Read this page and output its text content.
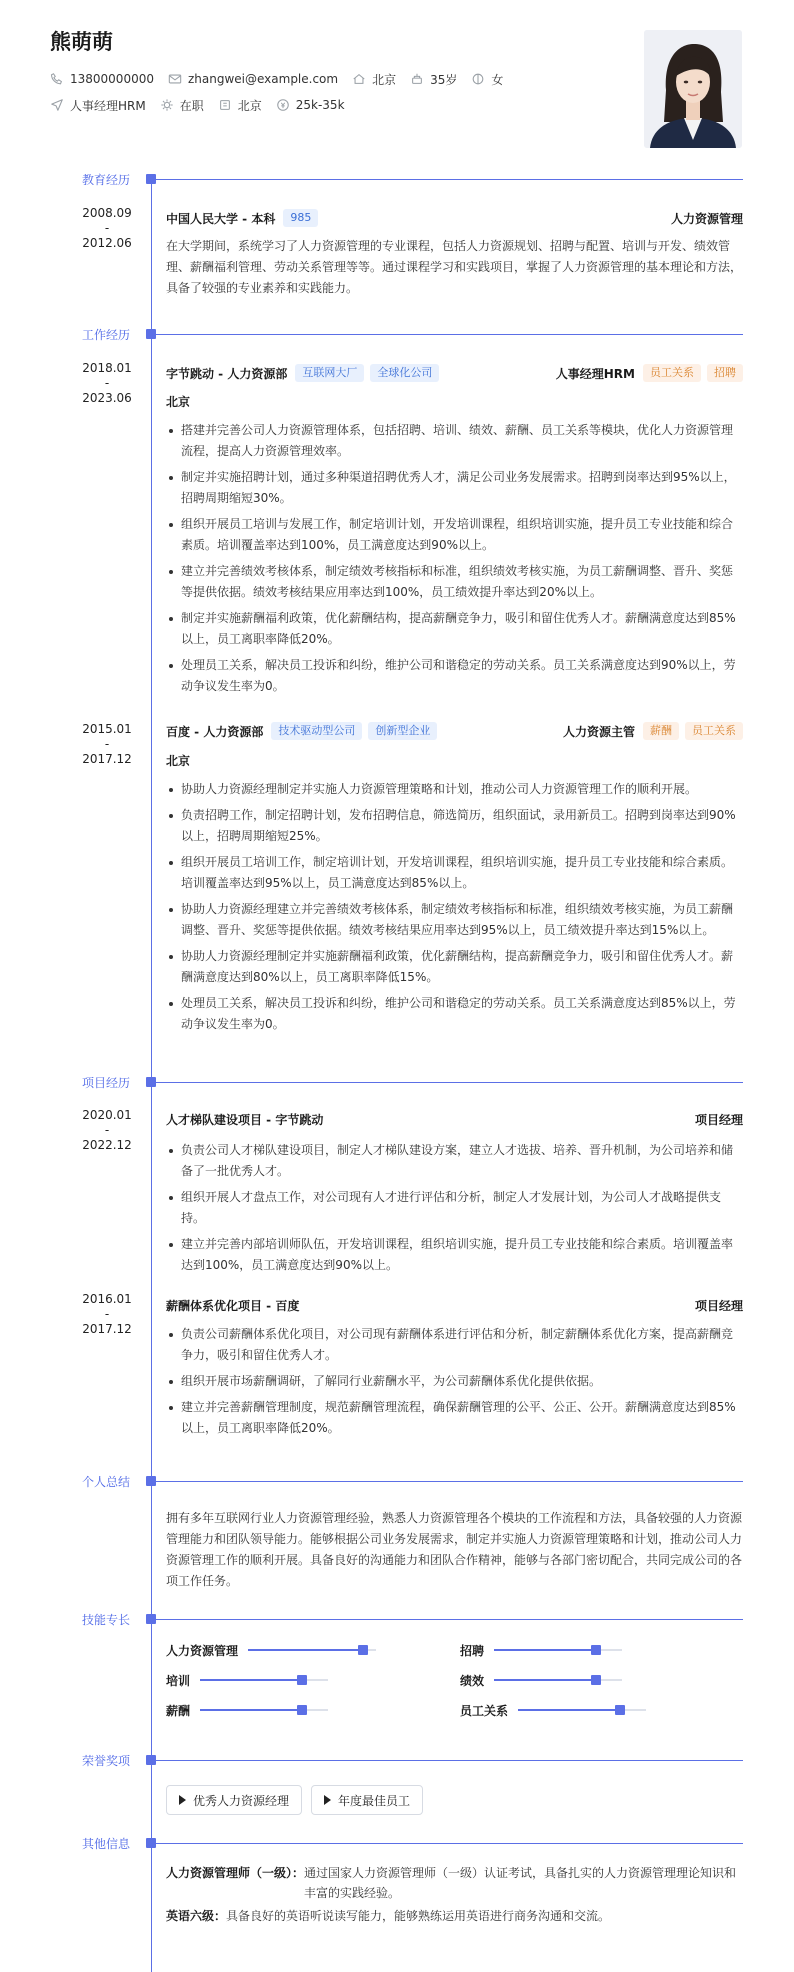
熊萌萌
13800000000	zhangwei@example.com	北京	35岁	女
人事经理HRM	在职	北京	25k-35k
教育经历
2008.09
-
2012.06
中国人民大学 - 本科	985	人力资源管理
在大学期间，系统学习了人力资源管理的专业课程，包括人力资源规划、招聘与配置、培训与开发、绩效管理、薪酬福利管理、劳动关系管理等等。通过课程学习和实践项目，掌握了人力资源管理的基本理论和方法，具备了较强的专业素养和实践能力。
工作经历
2018.01
-
2023.06
字节跳动 - 人力资源部	互联网大厂	全球化公司	人事经理HRM	员工关系	招聘
北京
搭建并完善公司人力资源管理体系，包括招聘、培训、绩效、薪酬、员工关系等模块，优化人力资源管理流程，提高人力资源管理效率。
制定并实施招聘计划，通过多种渠道招聘优秀人才，满足公司业务发展需求。招聘到岗率达到95%以上，招聘周期缩短30%。
组织开展员工培训与发展工作，制定培训计划，开发培训课程，组织培训实施，提升员工专业技能和综合素质。培训覆盖率达到100%，员工满意度达到90%以上。
建立并完善绩效考核体系，制定绩效考核指标和标准，组织绩效考核实施，为员工薪酬调整、晋升、奖惩等提供依据。绩效考核结果应用率达到100%，员工绩效提升率达到20%以上。
制定并实施薪酬福利政策，优化薪酬结构，提高薪酬竞争力，吸引和留住优秀人才。薪酬满意度达到85%以上，员工离职率降低20%。
处理员工关系，解决员工投诉和纠纷，维护公司和谐稳定的劳动关系。员工关系满意度达到90%以上，劳动争议发生率为0。
2015.01
-
2017.12
百度 - 人力资源部	技术驱动型公司	创新型企业	人力资源主管	薪酬	员工关系
北京
协助人力资源经理制定并实施人力资源管理策略和计划，推动公司人力资源管理工作的顺利开展。
负责招聘工作，制定招聘计划，发布招聘信息，筛选简历，组织面试，录用新员工。招聘到岗率达到90%以上，招聘周期缩短25%。
组织开展员工培训工作，制定培训计划，开发培训课程，组织培训实施，提升员工专业技能和综合素质。培训覆盖率达到95%以上，员工满意度达到85%以上。
协助人力资源经理建立并完善绩效考核体系，制定绩效考核指标和标准，组织绩效考核实施，为员工薪酬调整、晋升、奖惩等提供依据。绩效考核结果应用率达到95%以上，员工绩效提升率达到15%以上。
协助人力资源经理制定并实施薪酬福利政策，优化薪酬结构，提高薪酬竞争力，吸引和留住优秀人才。薪酬满意度达到80%以上，员工离职率降低15%。
处理员工关系，解决员工投诉和纠纷，维护公司和谐稳定的劳动关系。员工关系满意度达到85%以上，劳动争议发生率为0。
项目经历
2020.01
-
2022.12
人才梯队建设项目 - 字节跳动	项目经理
负责公司人才梯队建设项目，制定人才梯队建设方案，建立人才选拔、培养、晋升机制，为公司培养和储备了一批优秀人才。
组织开展人才盘点工作，对公司现有人才进行评估和分析，制定人才发展计划，为公司人才战略提供支持。
建立并完善内部培训师队伍，开发培训课程，组织培训实施，提升员工专业技能和综合素质。培训覆盖率达到100%，员工满意度达到90%以上。
2016.01
-
2017.12
薪酬体系优化项目 - 百度	项目经理
负责公司薪酬体系优化项目，对公司现有薪酬体系进行评估和分析，制定薪酬体系优化方案，提高薪酬竞争力，吸引和留住优秀人才。
组织开展市场薪酬调研，了解同行业薪酬水平，为公司薪酬体系优化提供依据。
建立并完善薪酬管理制度，规范薪酬管理流程，确保薪酬管理的公平、公正、公开。薪酬满意度达到85%以上，员工离职率降低20%。
个人总结
拥有多年互联网行业人力资源管理经验，熟悉人力资源管理各个模块的工作流程和方法，具备较强的人力资源管理能力和团队领导能力。能够根据公司业务发展需求，制定并实施人力资源管理策略和计划，推动公司人力资源管理工作的顺利开展。具备良好的沟通能力和团队合作精神，能够与各部门密切配合，共同完成公司的各项工作任务。
技能专长
人力资源管理	招聘
培训	绩效
薪酬	员工关系
荣誉奖项
优秀人力资源经理	年度最佳员工
其他信息
人力资源管理师（一级）： 通过国家人力资源管理师（一级）认证考试，具备扎实的人力资源管理理论知识和丰富的实践经验。
英语六级： 具备良好的英语听说读写能力，能够熟练运用英语进行商务沟通和交流。
